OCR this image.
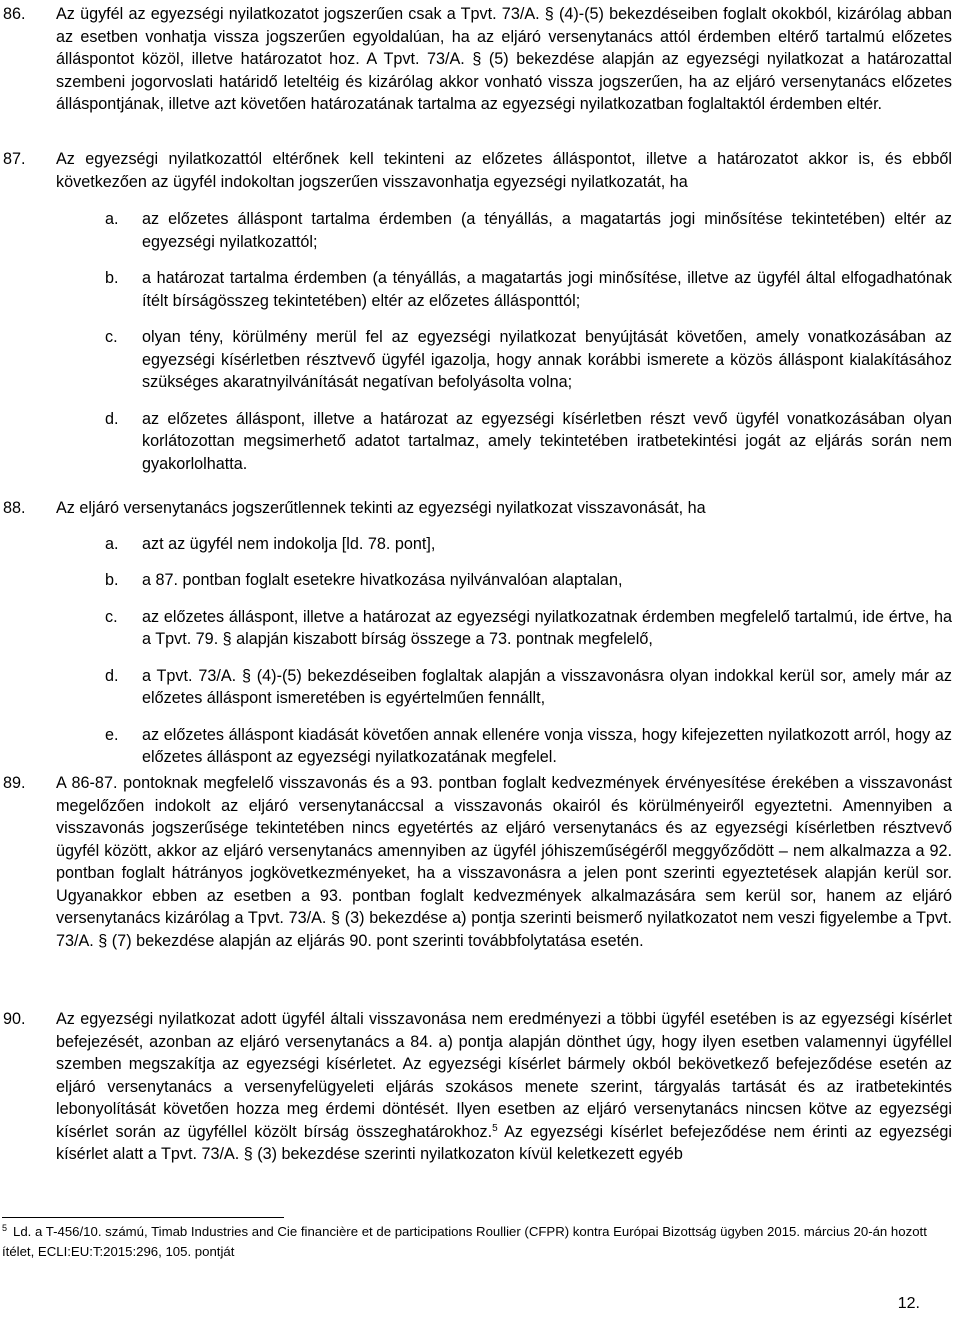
86. Az ügyfél az egyezségi nyilatkozatot jogszerűen csak a Tpvt. 73/A. § (4)-(5) bekezdéseiben foglalt okokból, kizárólag abban az esetben vonhatja vissza jogszerűen egyoldalúan, ha az eljáró versenytanács attól érdemben eltérő tartalmú előzetes álláspontot közöl, illetve határozatot hoz. A Tpvt. 73/A. § (5) bekezdése alapján az egyezségi nyilatkozat a határozattal szembeni jogorvoslati határidő leteltéig és kizárólag akkor vonható vissza jogszerűen, ha az eljáró versenytanács előzetes álláspontjának, illetve azt követően határozatának tartalma az egyezségi nyilatkozatban foglaltaktól érdemben eltér.
87. Az egyezségi nyilatkozattól eltérőnek kell tekinteni az előzetes álláspontot, illetve a határozatot akkor is, és ebből következően az ügyfél indokoltan jogszerűen visszavonhatja egyezségi nyilatkozatát, ha
a. az előzetes álláspont tartalma érdemben (a tényállás, a magatartás jogi minősítése tekintetében) eltér az egyezségi nyilatkozattól;
b. a határozat tartalma érdemben (a tényállás, a magatartás jogi minősítése, illetve az ügyfél által elfogadhatónak ítélt bírságösszeg tekintetében) eltér az előzetes állásponttól;
c. olyan tény, körülmény merül fel az egyezségi nyilatkozat benyújtását követően, amely vonatkozásában az egyezségi kísérletben résztvevő ügyfél igazolja, hogy annak korábbi ismerete a közös álláspont kialakításához szükséges akaratnyilvánítását negatívan befolyásolta volna;
d. az előzetes álláspont, illetve a határozat az egyezségi kísérletben részt vevő ügyfél vonatkozásában olyan korlátozottan megsimerhető adatot tartalmaz, amely tekintetében iratbetekintési jogát az eljárás során nem gyakorlolhatta.
88. Az eljáró versenytanács jogszerűtlennek tekinti az egyezségi nyilatkozat visszavonását, ha
a. azt az ügyfél nem indokolja [ld. 78. pont],
b. a 87. pontban foglalt esetekre hivatkozása nyilvánvalóan alaptalan,
c. az előzetes álláspont, illetve a határozat az egyezségi nyilatkozatnak érdemben megfelelő tartalmú, ide értve, ha a Tpvt. 79. § alapján kiszabott bírság összege a 73. pontnak megfelelő,
d. a Tpvt. 73/A. § (4)-(5) bekezdéseiben foglaltak alapján a visszavonásra olyan indokkal kerül sor, amely már az előzetes álláspont ismeretében is egyértelműen fennállt,
e. az előzetes álláspont kiadását követően annak ellenére vonja vissza, hogy kifejezetten nyilatkozott arról, hogy az előzetes álláspont az egyezségi nyilatkozatának megfelel.
89. A 86-87. pontoknak megfelelő visszavonás és a 93. pontban foglalt kedvezmények érvényesítése érekében a visszavonást megelőzően indokolt az eljáró versenytanáccsal a visszavonás okairól és körülményeiről egyeztetni. Amennyiben a visszavonás jogszerűsége tekintetében nincs egyetértés az eljáró versenytanács és az egyezségi kísérletben résztvevő ügyfél között, akkor az eljáró versenytanács amennyiben az ügyfél jóhiszeműségéről meggyőződött – nem alkalmazza a 92. pontban foglalt hátrányos jogkövetkezményeket, ha a visszavonásra a jelen pont szerinti egyeztetések alapján kerül sor. Ugyanakkor ebben az esetben a 93. pontban foglalt kedvezmények alkalmazására sem kerül sor, hanem az eljáró versenytanács kizárólag a Tpvt. 73/A. § (3) bekezdése a) pontja szerinti beismerő nyilatkozatot nem veszi figyelembe a Tpvt. 73/A. § (7) bekezdése alapján az eljárás 90. pont szerinti továbbfolytatása esetén.
90. Az egyezségi nyilatkozat adott ügyfél általi visszavonása nem eredményezi a többi ügyfél esetében is az egyezségi kísérlet befejezését, azonban az eljáró versenytanács a 84. a) pontja alapján dönthet úgy, hogy ilyen esetben valamennyi ügyféllel szemben megszakítja az egyezségi kísérletet. Az egyezségi kísérlet bármely okból bekövetkező befejeződése esetén az eljáró versenytanács a versenyfelügyeleti eljárás szokásos menete szerint, tárgyalás tartását és az iratbetekintés lebonyolítását követően hozza meg érdemi döntését. Ilyen esetben az eljáró versenytanács nincsen kötve az egyezségi kísérlet során az ügyféllel közölt bírság összeghatárokhoz.$^5$ Az egyezségi kísérlet befejeződése nem érinti az egyezségi kísérlet alatt a Tpvt. 73/A. § (3) bekezdése szerinti nyilatkozaton kívül keletkezett egyéb
$^5$ Ld. a T-456/10. számú, Timab Industries and Cie financière et de participations Roullier (CFPR) kontra Európai Bizottság ügyben 2015. március 20-án hozott ítélet, ECLI:EU:T:2015:296, 105. pontját
12.
